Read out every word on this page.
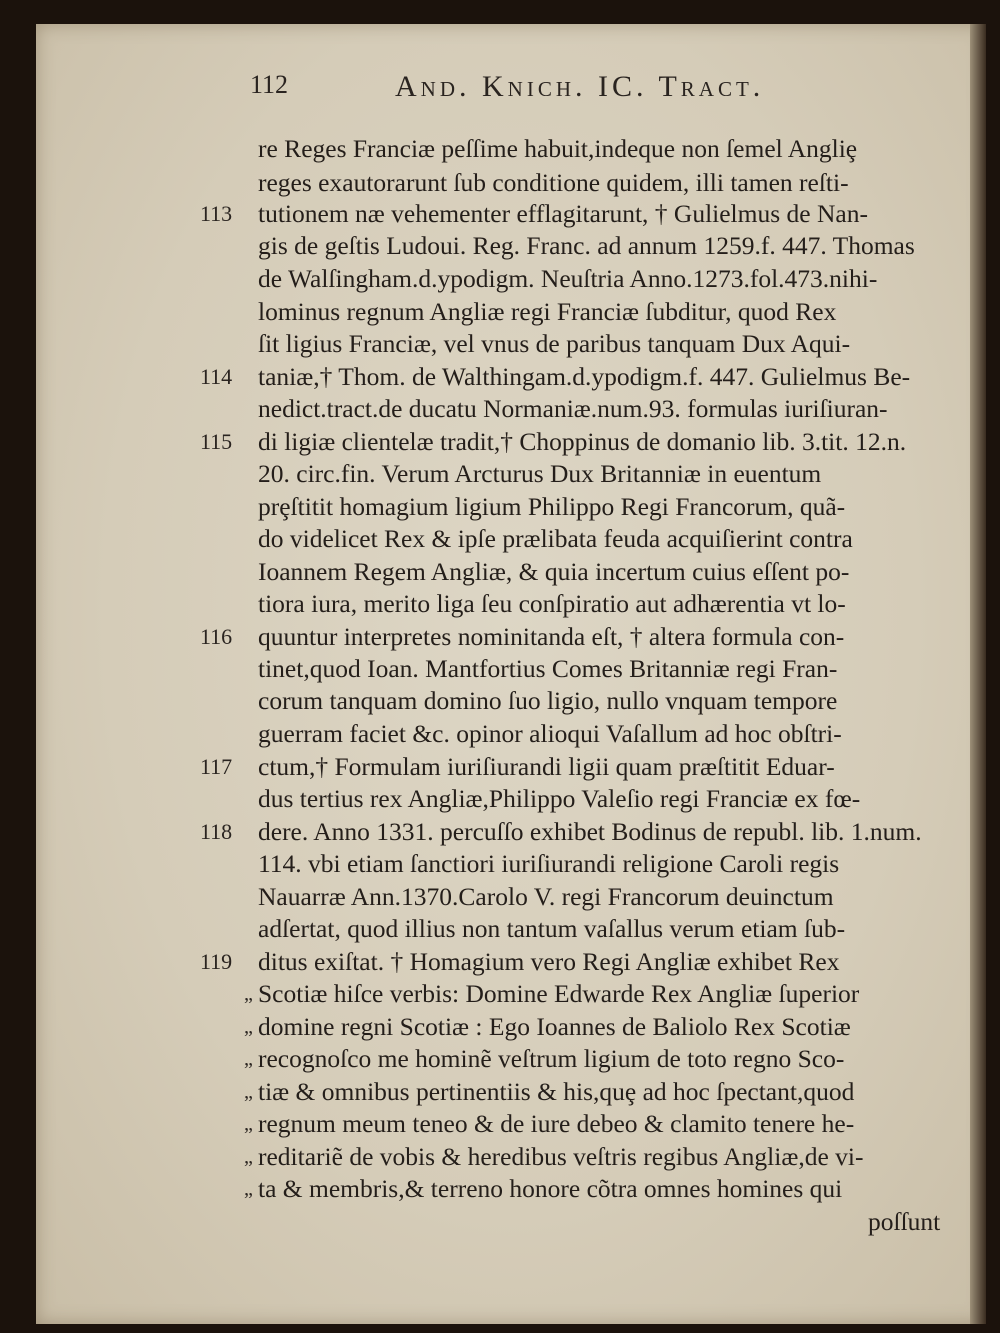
112	And. Knich. IC. Tract.
re Reges Franciæ peſſime habuit,indeque non ſemel Angliȩ
reges exautorarunt ſub conditione quidem, illi tamen reſti-
tutionem næ vehementer efflagitarunt, † Gulielmus de Nan-
gis de geſtis Ludoui. Reg. Franc. ad annum 1259.f. 447. Thomas
de Walſingham.d.ypodigm. Neuſtria Anno.1273.fol.473.nihi-
lominus regnum Angliæ regi Franciæ ſubditur, quod Rex
ſit ligius Franciæ, vel vnus de paribus tanquam Dux Aqui-
taniæ,† Thom. de Walthingam.d.ypodigm.f. 447. Gulielmus Be-
nedict.tract.de ducatu Normaniæ.num.93. formulas iuriſiuran-
di ligiæ clientelæ tradit,† Choppinus de domanio lib. 3.tit. 12.n.
20. circ.fin. Verum Arcturus Dux Britanniæ in euentum
prȩſtitit homagium ligium Philippo Regi Francorum, quã-
do videlicet Rex & ipſe prælibata feuda acquiſierint contra
Ioannem Regem Angliæ, & quia incertum cuius eſſent po-
tiora iura, merito liga ſeu conſpiratio aut adhærentia vt lo-
quuntur interpretes nominitanda eſt, † altera formula con-
tinet,quod Ioan. Mantfortius Comes Britanniæ regi Fran-
corum tanquam domino ſuo ligio, nullo vnquam tempore
guerram faciet &c. opinor alioqui Vaſallum ad hoc obſtri-
ctum,† Formulam iuriſiurandi ligii quam præſtitit Eduar-
dus tertius rex Angliæ,Philippo Valeſio regi Franciæ ex fœ-
dere. Anno 1331. percuſſo exhibet Bodinus de republ. lib. 1.num.
114. vbi etiam ſanctiori iuriſiurandi religione Caroli regis
Nauarræ Ann.1370.Carolo V. regi Francorum deuinctum
adſertat, quod illius non tantum vaſallus verum etiam ſub-
ditus exiſtat. † Homagium vero Regi Angliæ exhibet Rex
Scotiæ hiſce verbis: Domine Edwarde Rex Angliæ ſuperior
domine regni Scotiæ : Ego Ioannes de Baliolo Rex Scotiæ
recognoſco me hominẽ veſtrum ligium de toto regno Sco-
tiæ & omnibus pertinentiis & his,quȩ ad hoc ſpectant,quod
regnum meum teneo & de iure debeo & clamito tenere he-
reditariẽ de vobis & heredibus veſtris regibus Angliæ,de vi-
ta & membris,& terreno honore cõtra omnes homines qui
poſſunt
113
114
115
116
117
118
119
„
„
„
„
„
„
„
